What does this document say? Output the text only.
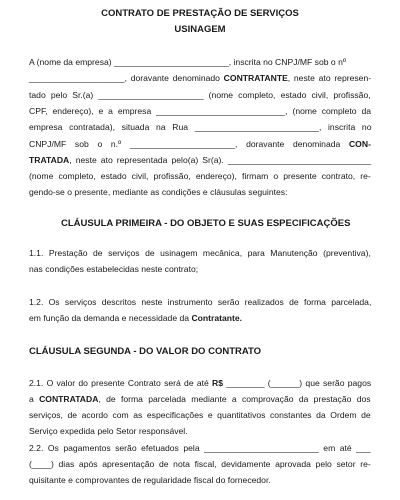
CONTRATO DE PRESTAÇÃO DE SERVIÇOS
USINAGEM
A (nome da empresa) ________________________, inscrita no CNPJ/MF sob o nº
____________________, doravante denominado CONTRATANTE, neste ato represen-
tado pelo Sr.(a) ______________________ (nome completo, estado civil, profissão,
CPF, endereço), e a empresa ___________________________, (nome completo da
empresa contratada), situada na Rua __________________________, inscrita no
CNPJ/MF sob o n.º ______________________, doravante denominada CON-
TRATADA, neste ato representada pelo(a) Sr(a). ______________________________
(nome completo, estado civil, profissão, endereço), firmam o presente contrato, re-
gendo-se o presente, mediante as condições e cláusulas seguintes:
CLÁUSULA PRIMEIRA - DO OBJETO E SUAS ESPECIFICAÇÕES
1.1. Prestação de serviços de usinagem mecânica, para Manutenção (preventiva),
nas condições estabelecidas neste contrato;
1.2. Os serviços descritos neste instrumento serão realizados de forma parcelada,
em função da demanda e necessidade da Contratante.
CLÁUSULA SEGUNDA - DO VALOR DO CONTRATO
2.1. O valor do presente Contrato será de até R$ ________ (______) que serão pagos
a CONTRATADA, de forma parcelada mediante a comprovação da prestação dos
serviços, de acordo com as especificações e quantitativos constantes da Ordem de
Serviço expedida pelo Setor responsável.
2.2. Os pagamentos serão efetuados pela ________________________ em até ___
(____) dias após apresentação de nota fiscal, devidamente aprovada pelo setor re-
quisitante e comprovantes de regularidade fiscal do fornecedor.
